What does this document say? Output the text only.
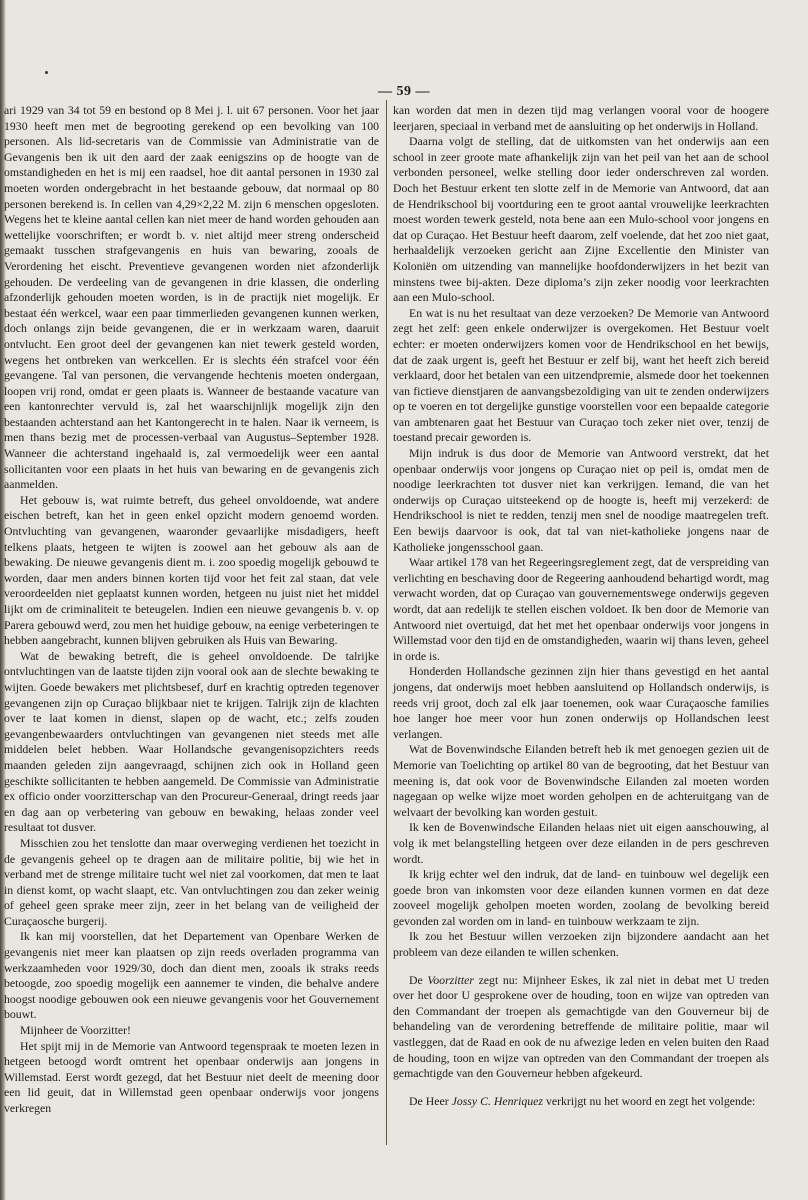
— 59 —

ari 1929 van 34 tot 59 en bestond op 8 Mei j. l. uit 67 personen. Voor het jaar 1930 heeft men met de begrooting gerekend op een bevolking van 100 personen. Als lid-secretaris van de Commissie van Administratie van de Gevangenis ben ik uit den aard der zaak eenigszins op de hoogte van de omstandigheden en het is mij een raadsel, hoe dit aantal personen in 1930 zal moeten worden ondergebracht in het bestaande gebouw, dat normaal op 80 personen berekend is. In cellen van 4,29×2,22 M. zijn 6 menschen opgesloten. Wegens het te kleine aantal cellen kan niet meer de hand worden gehouden aan wettelijke voorschriften; er wordt b. v. niet altijd meer streng onderscheid gemaakt tusschen strafgevangenis en huis van bewaring, zooals de Verordening het eischt. Preventieve gevangenen worden niet afzonderlijk gehouden. De verdeeling van de gevangenen in drie klassen, die onderling afzonderlijk gehouden moeten worden, is in de practijk niet mogelijk. Er bestaat één werkcel, waar een paar timmerlieden gevangenen kunnen werken, doch onlangs zijn beide gevangenen, die er in werkzaam waren, daaruit ontvlucht. Een groot deel der gevangenen kan niet tewerk gesteld worden, wegens het ontbreken van werkcellen. Er is slechts één strafcel voor één gevangene. Tal van personen, die vervangende hechtenis moeten ondergaan, loopen vrij rond, omdat er geen plaats is. Wanneer de bestaande vacature van een kantonrechter vervuld is, zal het waarschijnlijk mogelijk zijn den bestaanden achterstand aan het Kantongerecht in te halen. Naar ik verneem, is men thans bezig met de processen-verbaal van Augustus–September 1928. Wanneer die achterstand ingehaald is, zal vermoedelijk weer een aantal sollicitanten voor een plaats in het huis van bewaring en de gevangenis zich aanmelden.

Het gebouw is, wat ruimte betreft, dus geheel onvoldoende, wat andere eischen betreft, kan het in geen enkel opzicht modern genoemd worden. Ontvluchting van gevangenen, waaronder gevaarlijke misdadigers, heeft telkens plaats, hetgeen te wijten is zoowel aan het gebouw als aan de bewaking. De nieuwe gevangenis dient m. i. zoo spoedig mogelijk gebouwd te worden, daar men anders binnen korten tijd voor het feit zal staan, dat vele veroordeelden niet geplaatst kunnen worden, hetgeen nu juist niet het middel lijkt om de criminaliteit te beteugelen. Indien een nieuwe gevangenis b. v. op Parera gebouwd werd, zou men het huidige gebouw, na eenige verbeteringen te hebben aangebracht, kunnen blijven gebruiken als Huis van Bewaring.

Wat de bewaking betreft, die is geheel onvoldoende. De talrijke ontvluchtingen van de laatste tijden zijn vooral ook aan de slechte bewaking te wijten. Goede bewakers met plichtsbesef, durf en krachtig optreden tegenover gevangenen zijn op Curaçao blijkbaar niet te krijgen. Talrijk zijn de klachten over te laat komen in dienst, slapen op de wacht, etc.; zelfs zouden gevangenbewaarders ontvluchtingen van gevangenen niet steeds met alle middelen belet hebben. Waar Hollandsche gevangenisopzichters reeds maanden geleden zijn aangevraagd, schijnen zich ook in Holland geen geschikte sollicitanten te hebben aangemeld. De Commissie van Administratie ex officio onder voorzitterschap van den Procureur-Generaal, dringt reeds jaar en dag aan op verbetering van gebouw en bewaking, helaas zonder veel resultaat tot dusver.

Misschien zou het tenslotte dan maar overweging verdienen het toezicht in de gevangenis geheel op te dragen aan de militaire politie, bij wie het in verband met de strenge militaire tucht wel niet zal voorkomen, dat men te laat in dienst komt, op wacht slaapt, etc. Van ontvluchtingen zou dan zeker weinig of geheel geen sprake meer zijn, zeer in het belang van de veiligheid der Curaçaosche burgerij.

Ik kan mij voorstellen, dat het Departement van Openbare Werken de gevangenis niet meer kan plaatsen op zijn reeds overladen programma van werkzaamheden voor 1929/30, doch dan dient men, zooals ik straks reeds betoogde, zoo spoedig mogelijk een aannemer te vinden, die behalve andere hoogst noodige gebouwen ook een nieuwe gevangenis voor het Gouvernement bouwt.

Mijnheer de Voorzitter!

Het spijt mij in de Memorie van Antwoord tegenspraak te moeten lezen in hetgeen betoogd wordt omtrent het openbaar onderwijs aan jongens in Willemstad. Eerst wordt gezegd, dat het Bestuur niet deelt de meening door een lid geuit, dat in Willemstad geen openbaar onderwijs voor jongens verkregen

kan worden dat men in dezen tijd mag verlangen vooral voor de hoogere leerjaren, speciaal in verband met de aansluiting op het onderwijs in Holland.

Daarna volgt de stelling, dat de uitkomsten van het onderwijs aan een school in zeer groote mate afhankelijk zijn van het peil van het aan de school verbonden personeel, welke stelling door ieder onderschreven zal worden. Doch het Bestuur erkent ten slotte zelf in de Memorie van Antwoord, dat aan de Hendrikschool bij voortduring een te groot aantal vrouwelijke leerkrachten moest worden tewerk gesteld, nota bene aan een Mulo-school voor jongens en dat op Curaçao. Het Bestuur heeft daarom, zelf voelende, dat het zoo niet gaat, herhaaldelijk verzoeken gericht aan Zijne Excellentie den Minister van Koloniën om uitzending van mannelijke hoofdonderwijzers in het bezit van minstens twee bij-akten. Deze diploma’s zijn zeker noodig voor leerkrachten aan een Mulo-school.

En wat is nu het resultaat van deze verzoeken? De Memorie van Antwoord zegt het zelf: geen enkele onderwijzer is overgekomen. Het Bestuur voelt echter: er moeten onderwijzers komen voor de Hendrikschool en het bewijs, dat de zaak urgent is, geeft het Bestuur er zelf bij, want het heeft zich bereid verklaard, door het betalen van een uitzendpremie, alsmede door het toekennen van fictieve dienstjaren de aanvangsbezoldiging van uit te zenden onderwijzers op te voeren en tot dergelijke gunstige voorstellen voor een bepaalde categorie van ambtenaren gaat het Bestuur van Curaçao toch zeker niet over, tenzij de toestand precair geworden is.

Mijn indruk is dus door de Memorie van Antwoord verstrekt, dat het openbaar onderwijs voor jongens op Curaçao niet op peil is, omdat men de noodige leerkrachten tot dusver niet kan verkrijgen. Iemand, die van het onderwijs op Curaçao uitsteekend op de hoogte is, heeft mij verzekerd: de Hendrikschool is niet te redden, tenzij men snel de noodige maatregelen treft. Een bewijs daarvoor is ook, dat tal van niet-katholieke jongens naar de Katholieke jongensschool gaan.

Waar artikel 178 van het Regeeringsreglement zegt, dat de verspreiding van verlichting en beschaving door de Regeering aanhoudend behartigd wordt, mag verwacht worden, dat op Curaçao van gouvernementswege onderwijs gegeven wordt, dat aan redelijk te stellen eischen voldoet. Ik ben door de Memorie van Antwoord niet overtuigd, dat het met het openbaar onderwijs voor jongens in Willemstad voor den tijd en de omstandigheden, waarin wij thans leven, geheel in orde is.

Honderden Hollandsche gezinnen zijn hier thans gevestigd en het aantal jongens, dat onderwijs moet hebben aansluitend op Hollandsch onderwijs, is reeds vrij groot, doch zal elk jaar toenemen, ook waar Curaçaosche families hoe langer hoe meer voor hun zonen onderwijs op Hollandschen leest verlangen.

Wat de Bovenwindsche Eilanden betreft heb ik met genoegen gezien uit de Memorie van Toelichting op artikel 80 van de begrooting, dat het Bestuur van meening is, dat ook voor de Bovenwindsche Eilanden zal moeten worden nagegaan op welke wijze moet worden geholpen en de achteruitgang van de welvaart der bevolking kan worden gestuit.

Ik ken de Bovenwindsche Eilanden helaas niet uit eigen aanschouwing, al volg ik met belangstelling hetgeen over deze eilanden in de pers geschreven wordt.

Ik krijg echter wel den indruk, dat de land- en tuinbouw wel degelijk een goede bron van inkomsten voor deze eilanden kunnen vormen en dat deze zooveel mogelijk geholpen moeten worden, zoolang de bevolking bereid gevonden zal worden om in land- en tuinbouw werkzaam te zijn.

Ik zou het Bestuur willen verzoeken zijn bijzondere aandacht aan het probleem van deze eilanden te willen schenken.

De Voorzitter zegt nu: Mijnheer Eskes, ik zal niet in debat met U treden over het door U gesprokene over de houding, toon en wijze van optreden van den Commandant der troepen als gemachtigde van den Gouverneur bij de behandeling van de verordening betreffende de militaire politie, maar wil vastleggen, dat de Raad en ook de nu afwezige leden en velen buiten den Raad de houding, toon en wijze van optreden van den Commandant der troepen als gemachtigde van den Gouverneur hebben afgekeurd.

De Heer Jossy C. Henriquez verkrijgt nu het woord en zegt het volgende:
